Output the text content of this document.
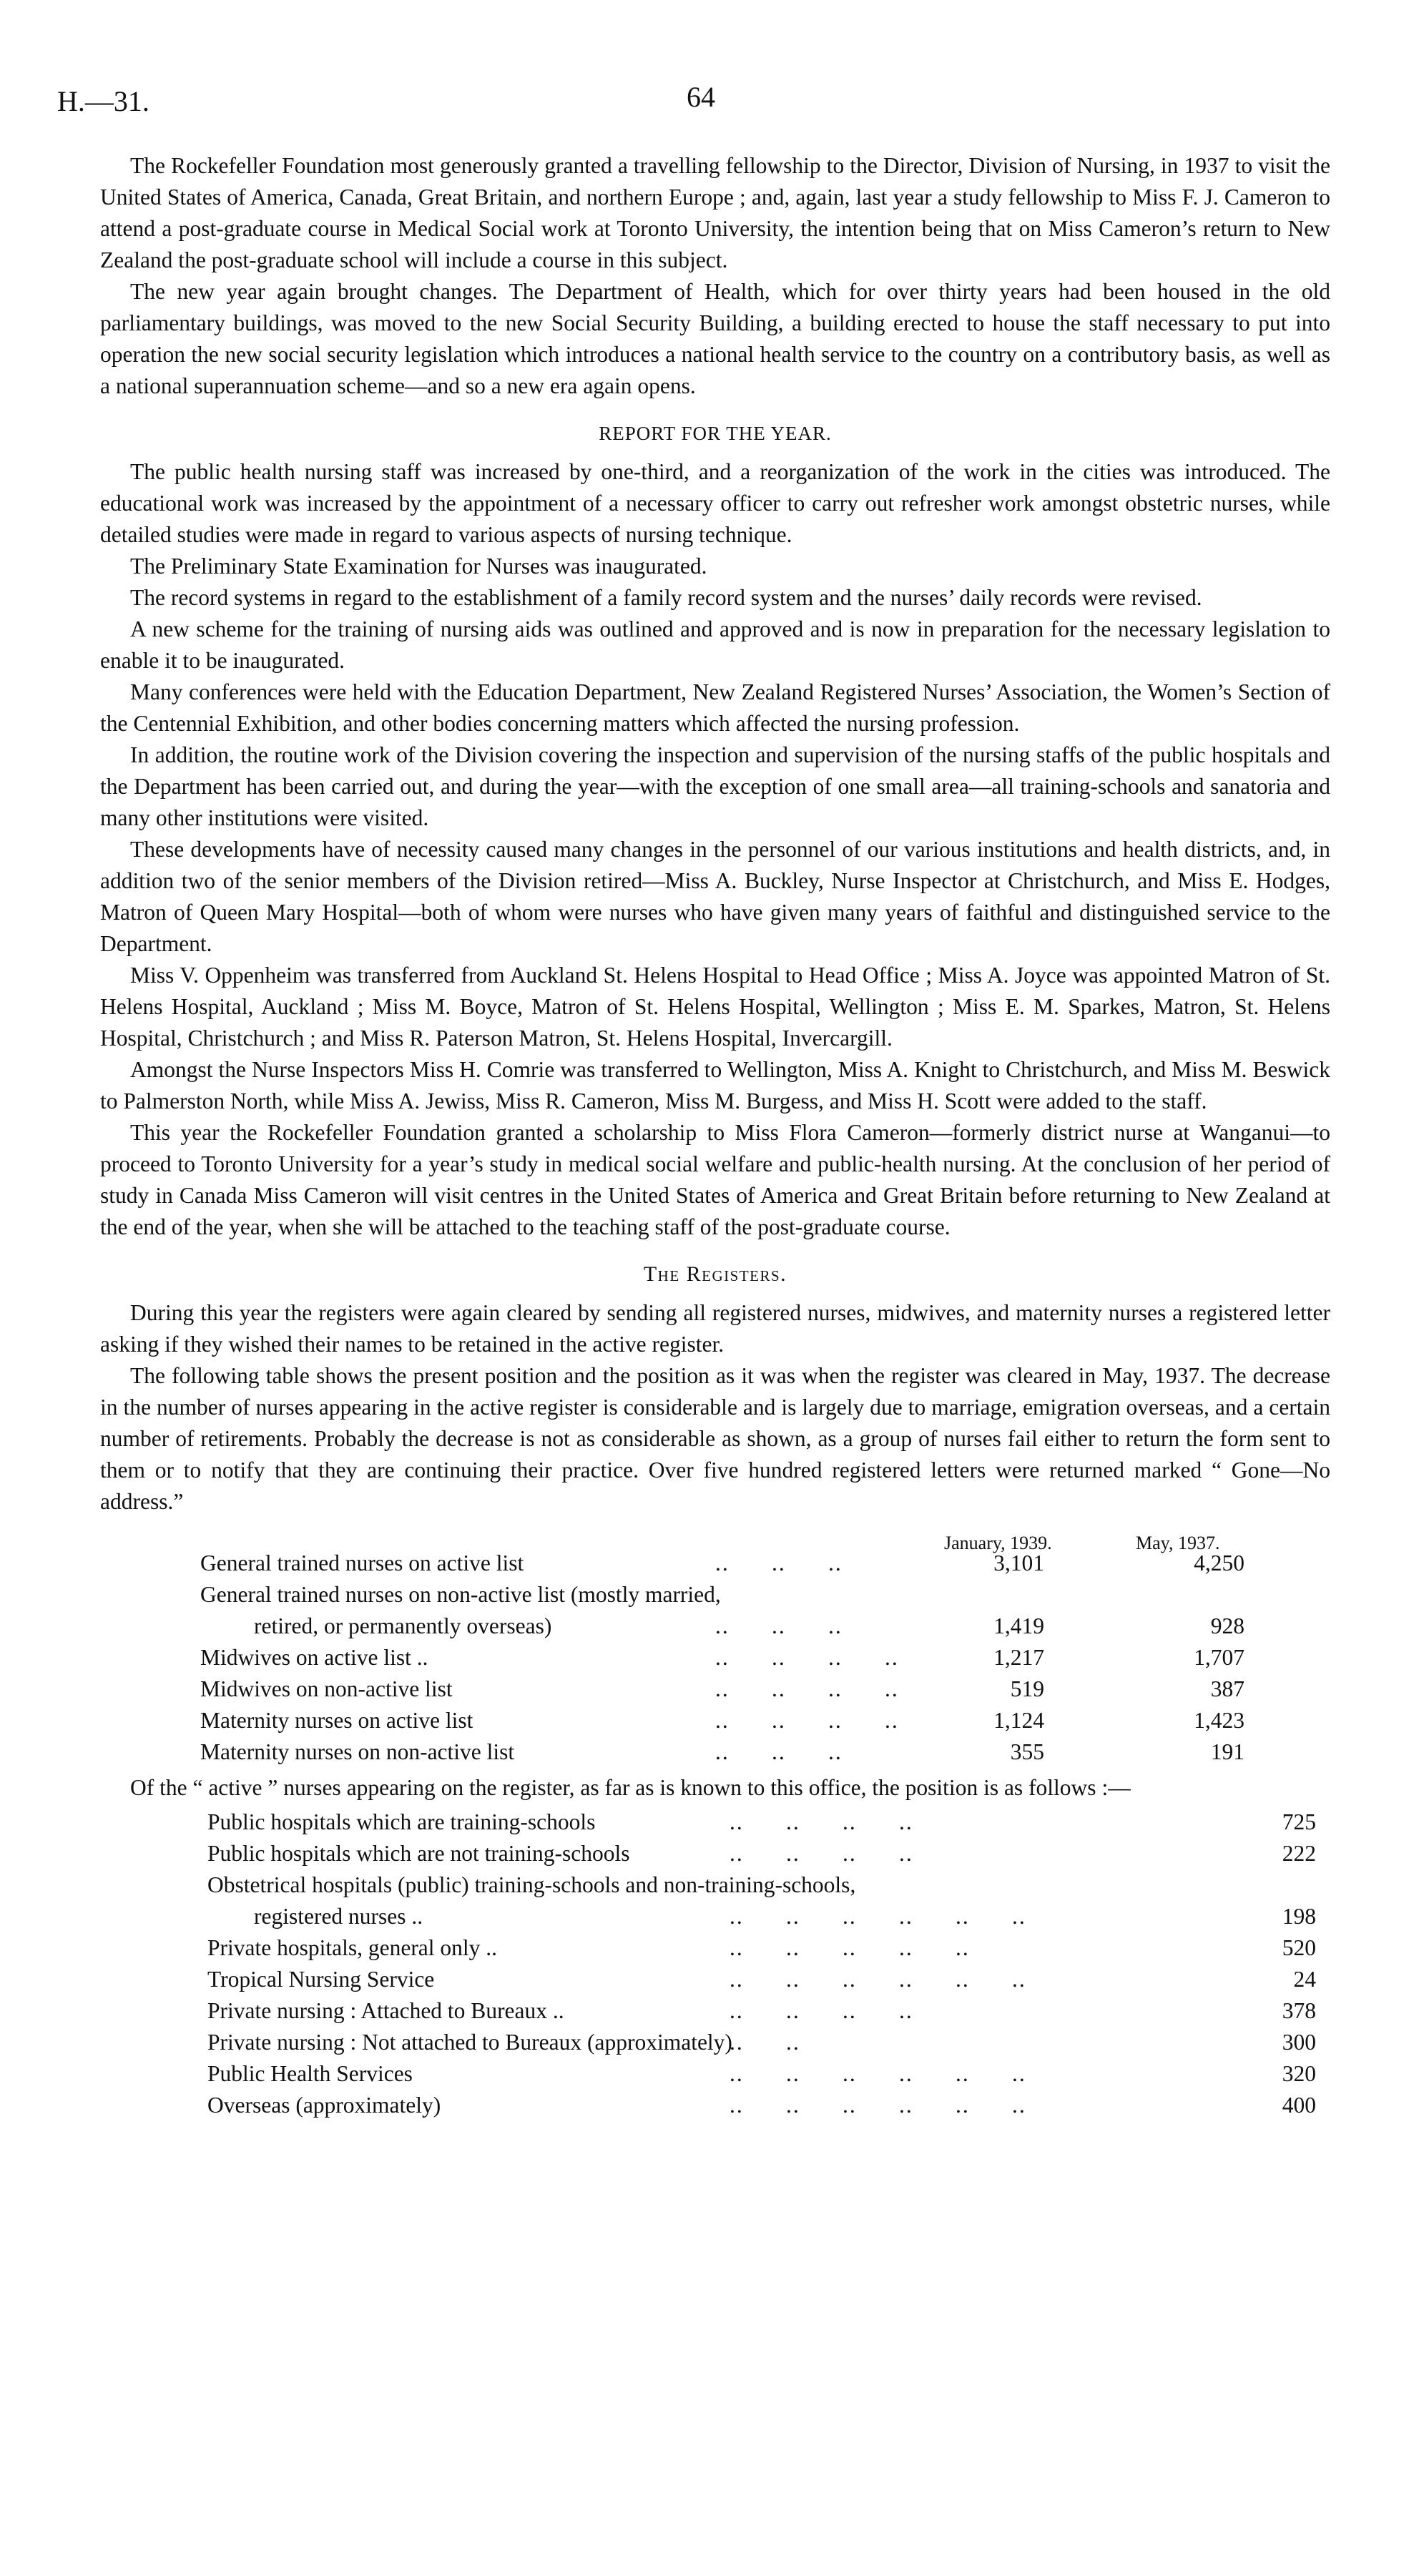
H.—31.	64

The Rockefeller Foundation most generously granted a travelling fellowship to the Director, Division of Nursing, in 1937 to visit the United States of America, Canada, Great Britain, and northern Europe ; and, again, last year a study fellowship to Miss F. J. Cameron to attend a post-graduate course in Medical Social work at Toronto University, the intention being that on Miss Cameron’s return to New Zealand the post-graduate school will include a course in this subject.

The new year again brought changes. The Department of Health, which for over thirty years had been housed in the old parliamentary buildings, was moved to the new Social Security Building, a building erected to house the staff necessary to put into operation the new social security legislation which introduces a national health service to the country on a contributory basis, as well as a national superannuation scheme—and so a new era again opens.

REPORT FOR THE YEAR.

The public health nursing staff was increased by one-third, and a reorganization of the work in the cities was introduced. The educational work was increased by the appointment of a necessary officer to carry out refresher work amongst obstetric nurses, while detailed studies were made in regard to various aspects of nursing technique.

The Preliminary State Examination for Nurses was inaugurated.

The record systems in regard to the establishment of a family record system and the nurses’ daily records were revised.

A new scheme for the training of nursing aids was outlined and approved and is now in preparation for the necessary legislation to enable it to be inaugurated.

Many conferences were held with the Education Department, New Zealand Registered Nurses’ Association, the Women’s Section of the Centennial Exhibition, and other bodies concerning matters which affected the nursing profession.

In addition, the routine work of the Division covering the inspection and supervision of the nursing staffs of the public hospitals and the Department has been carried out, and during the year—with the exception of one small area—all training-schools and sanatoria and many other institutions were visited.

These developments have of necessity caused many changes in the personnel of our various institutions and health districts, and, in addition two of the senior members of the Division retired—Miss A. Buckley, Nurse Inspector at Christchurch, and Miss E. Hodges, Matron of Queen Mary Hospital—both of whom were nurses who have given many years of faithful and distinguished service to the Department.

Miss V. Oppenheim was transferred from Auckland St. Helens Hospital to Head Office ; Miss A. Joyce was appointed Matron of St. Helens Hospital, Auckland ; Miss M. Boyce, Matron of St. Helens Hospital, Wellington ; Miss E. M. Sparkes, Matron, St. Helens Hospital, Christchurch ; and Miss R. Paterson Matron, St. Helens Hospital, Invercargill.

Amongst the Nurse Inspectors Miss H. Comrie was transferred to Wellington, Miss A. Knight to Christchurch, and Miss M. Beswick to Palmerston North, while Miss A. Jewiss, Miss R. Cameron, Miss M. Burgess, and Miss H. Scott were added to the staff.

This year the Rockefeller Foundation granted a scholarship to Miss Flora Cameron—formerly district nurse at Wanganui—to proceed to Toronto University for a year’s study in medical social welfare and public-health nursing. At the conclusion of her period of study in Canada Miss Cameron will visit centres in the United States of America and Great Britain before returning to New Zealand at the end of the year, when she will be attached to the teaching staff of the post-graduate course.

The Registers.

During this year the registers were again cleared by sending all registered nurses, midwives, and maternity nurses a registered letter asking if they wished their names to be retained in the active register.

The following table shows the present position and the position as it was when the register was cleared in May, 1937. The decrease in the number of nurses appearing in the active register is considerable and is largely due to marriage, emigration overseas, and a certain number of retirements. Probably the decrease is not as considerable as shown, as a group of nurses fail either to return the form sent to them or to notify that they are continuing their practice. Over five hundred registered letters were returned marked “ Gone—No address.”

January, 1939.	May, 1937.
General trained nurses on active list	..      ..      ..	3,101	4,250
General trained nurses on non-active list (mostly married,
retired, or permanently overseas)	..      ..      ..	1,419	928
Midwives on active list ..	..      ..      ..      ..	1,217	1,707
Midwives on non-active list	..      ..      ..      ..	519	387
Maternity nurses on active list	..      ..      ..      ..	1,124	1,423
Maternity nurses on non-active list	..      ..      ..	355	191

Of the “ active ” nurses appearing on the register, as far as is known to this office, the position is as follows :—

Public hospitals which are training-schools	..      ..      ..      ..	725
Public hospitals which are not training-schools	..      ..      ..      ..	222
Obstetrical hospitals (public) training-schools and non-training-schools,
registered nurses ..	..      ..      ..      ..      ..      ..	198
Private hospitals, general only ..	..      ..      ..      ..      ..	520
Tropical Nursing Service	..      ..      ..      ..      ..      ..	24
Private nursing : Attached to Bureaux ..	..      ..      ..      ..	378
Private nursing : Not attached to Bureaux (approximately)
..      ..	300
Public Health Services	..      ..      ..      ..      ..      ..	320
Overseas (approximately)	..      ..      ..      ..      ..      ..	400
